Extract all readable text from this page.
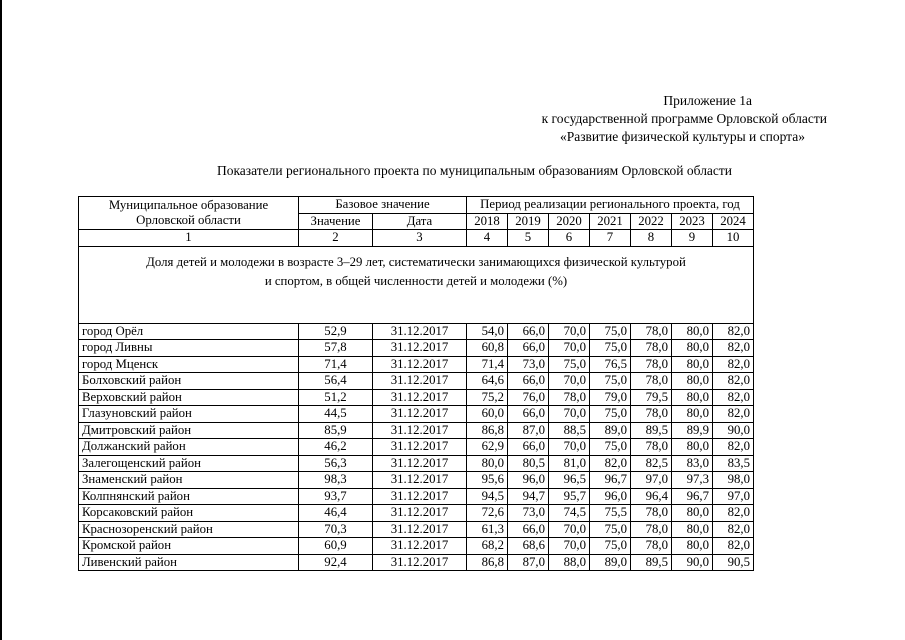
Приложение 1а
к государственной программе Орловской области
«Развитие физической культуры и спорта»
Показатели регионального проекта по муниципальным образованиям Орловской области
Муниципальное образование
Орловской области	Базовое значение		Период реализации регионального проекта, год						
	Значение	Дата	2018	2019	2020	2021	2022	2023	2024
1	2	3	4	5	6	7	8	9	10

Доля детей и молодежи в возрасте 3–29 лет, систематически занимающихся физической культурой
и спортом, в общей численности детей и молодежи (%)									

город Орёл	52,9	31.12.2017	54,0	66,0	70,0	75,0	78,0	80,0	82,0
город Ливны	57,8	31.12.2017	60,8	66,0	70,0	75,0	78,0	80,0	82,0
город Мценск	71,4	31.12.2017	71,4	73,0	75,0	76,5	78,0	80,0	82,0
Болховский район	56,4	31.12.2017	64,6	66,0	70,0	75,0	78,0	80,0	82,0
Верховский район	51,2	31.12.2017	75,2	76,0	78,0	79,0	79,5	80,0	82,0
Глазуновский район	44,5	31.12.2017	60,0	66,0	70,0	75,0	78,0	80,0	82,0
Дмитровский район	85,9	31.12.2017	86,8	87,0	88,5	89,0	89,5	89,9	90,0
Должанский район	46,2	31.12.2017	62,9	66,0	70,0	75,0	78,0	80,0	82,0
Залегощенский район	56,3	31.12.2017	80,0	80,5	81,0	82,0	82,5	83,0	83,5
Знаменский район	98,3	31.12.2017	95,6	96,0	96,5	96,7	97,0	97,3	98,0
Колпнянский район	93,7	31.12.2017	94,5	94,7	95,7	96,0	96,4	96,7	97,0
Корсаковский район	46,4	31.12.2017	72,6	73,0	74,5	75,5	78,0	80,0	82,0
Краснозоренский район	70,3	31.12.2017	61,3	66,0	70,0	75,0	78,0	80,0	82,0
Кромской район	60,9	31.12.2017	68,2	68,6	70,0	75,0	78,0	80,0	82,0
Ливенский район	92,4	31.12.2017	86,8	87,0	88,0	89,0	89,5	90,0	90,5
